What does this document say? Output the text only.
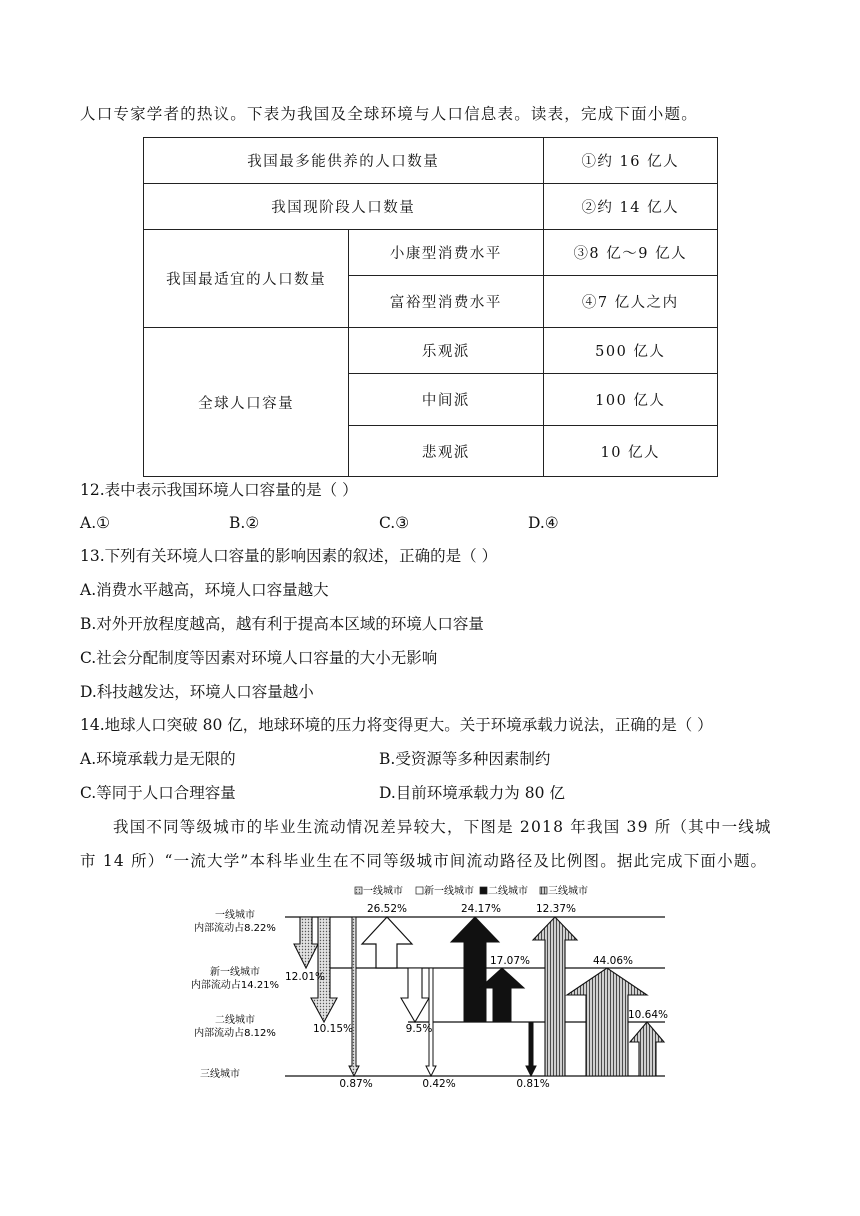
人口专家学者的热议。下表为我国及全球环境与人口信息表。读表，完成下面小题。
我国最多能供养的人口数量		①约 16 亿人
我国现阶段人口数量		②约 14 亿人
我国最适宜的人口数量	小康型消费水平	③8 亿～9 亿人
	富裕型消费水平	④7 亿人之内
全球人口容量	乐观派	500 亿人
	中间派	100 亿人
	悲观派	10 亿人
12.表中表示我国环境人口容量的是（ ）
A.①	B.②	C.③	D.④
13.下列有关环境人口容量的影响因素的叙述，正确的是（ ）
A.消费水平越高，环境人口容量越大
B.对外开放程度越高，越有利于提高本区域的环境人口容量
C.社会分配制度等因素对环境人口容量的大小无影响
D.科技越发达，环境人口容量越小
14.地球人口突破 80 亿，地球环境的压力将变得更大。关于环境承载力说法，正确的是（ ）
A.环境承载力是无限的	B.受资源等多种因素制约
C.等同于人口合理容量	D.目前环境承载力为 80 亿
我国不同等级城市的毕业生流动情况差异较大，下图是 2018 年我国 39 所（其中一线城
市 14 所）“一流大学”本科毕业生在不同等级城市间流动路径及比例图。据此完成下面小题。
一线城市 新一线城市 二线城市 三线城市
一线城市
内部流动占8.22%
新一线城市
内部流动占14.21%
二线城市
内部流动占8.12%
三线城市
12.01%
10.15%
0.87%
26.52%
9.5%
0.42%
24.17%
17.07%
0.81%
12.37%
44.06%
10.64%
